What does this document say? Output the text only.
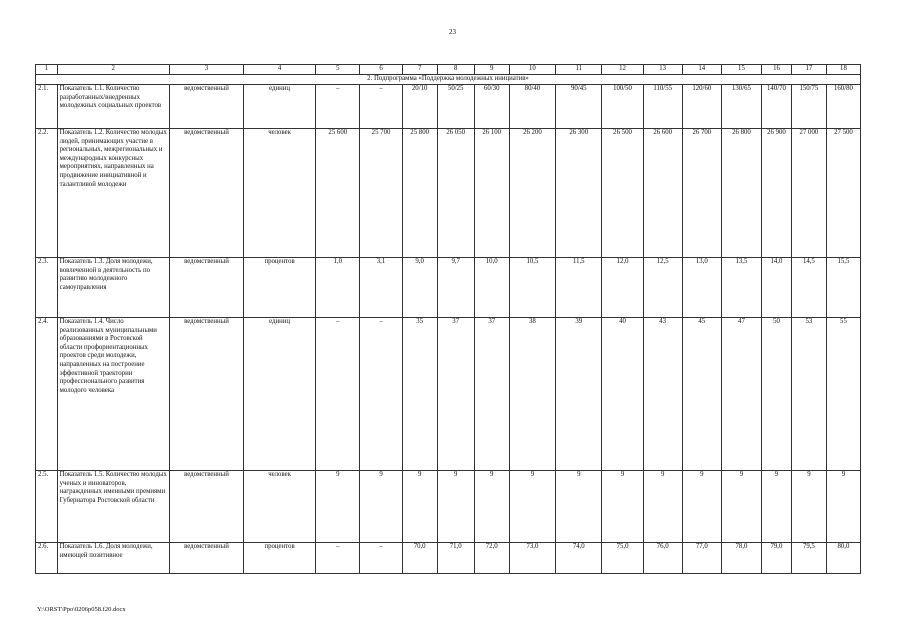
23
1	2	3	4	5	6	7	8	9	10	11	12	13	14	15	16	17	18
2. Подпрограмма «Поддержка молодежных инициатив»																	
2.1.	Показатель 1.1. Количество разработанных/внедренных молодежных социальных проектов	ведомственный	единиц	–	–	20/10	50/25	60/30	80/40	90/45	100/50	110/55	120/60	130/65	140/70	150/75	160/80
2.2.	Показатель 1.2. Количество молодых людей, принимающих участие в региональных, межрегиональных и международных конкурсных мероприятиях, направленных на продвижение инициативной и талантливой молодежи	ведомственный	человек	25 600	25 700	25 800	26 050	26 100	26 200	26 300	26 500	26 600	26 700	26 800	26 900	27 000	27 500
2.3.	Показатель 1.3. Доля молодежи, вовлеченной в деятельность по развитию молодежного самоуправления	ведомственный	процентов	1,0	3,1	9,0	9,7	10,0	10,5	11,5	12,0	12,5	13,0	13,5	14,0	14,5	15,5
2.4.	Показатель 1.4. Число реализованных муниципальными образованиями в Ростовской области профориентационных проектов среди молодежи, направленных на построение эффективной траектории профессионального развития молодого человека	ведомственный	единиц	–	–	35	37	37	38	39	40	43	45	47	50	53	55
2.5.	Показатель 1.5. Количество молодых ученых и инноваторов, награжденных именными премиями Губернатора Ростовской области	ведомственный	человек	9	9	9	9	9	9	9	9	9	9	9	9	9	9
2.6.	Показатель 1.6. Доля молодежи, имеющей позитивное	ведомственный	процентов	–	–	70,0	71,0	72,0	73,0	74,0	75,0	76,0	77,0	78,0	79,0	79,5	80,0
Y:\ORST\Ppo\0206p058.f20.docx
